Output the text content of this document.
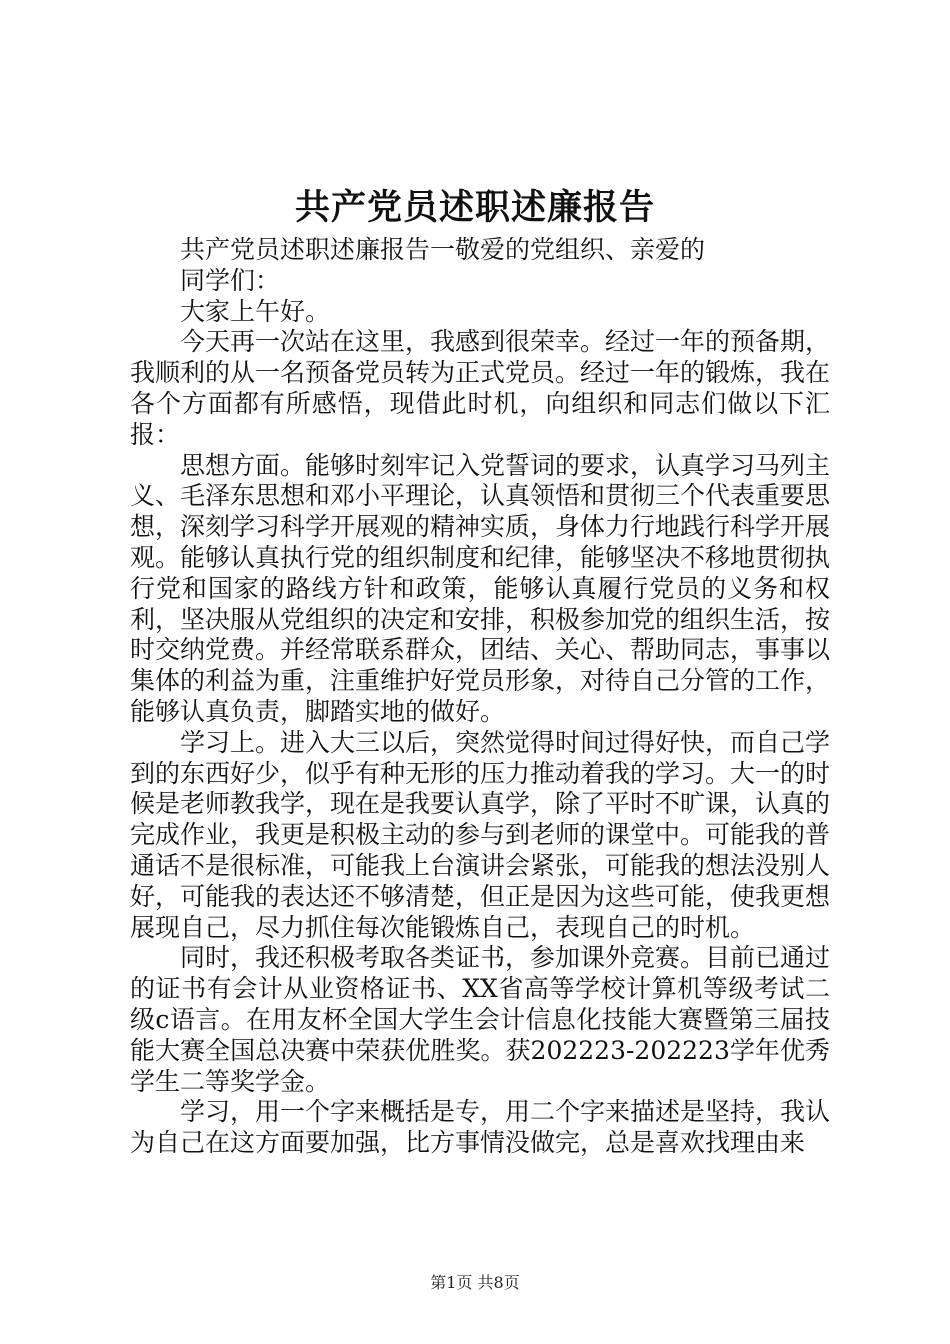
共产党员述职述廉报告

共产党员述职述廉报告一敬爱的党组织、亲爱的

同学们：

大家上午好。

今天再一次站在这里，我感到很荣幸。经过一年的预备期，我顺利的从一名预备党员转为正式党员。经过一年的锻炼，我在各个方面都有所感悟，现借此时机，向组织和同志们做以下汇报：

思想方面。能够时刻牢记入党誓词的要求，认真学习马列主义、毛泽东思想和邓小平理论，认真领悟和贯彻三个代表重要思想，深刻学习科学开展观的精神实质，身体力行地践行科学开展观。能够认真执行党的组织制度和纪律，能够坚决不移地贯彻执行党和国家的路线方针和政策，能够认真履行党员的义务和权利，坚决服从党组织的决定和安排，积极参加党的组织生活，按时交纳党费。并经常联系群众，团结、关心、帮助同志，事事以集体的利益为重，注重维护好党员形象，对待自己分管的工作，能够认真负责，脚踏实地的做好。

学习上。进入大三以后，突然觉得时间过得好快，而自己学到的东西好少，似乎有种无形的压力推动着我的学习。大一的时候是老师教我学，现在是我要认真学，除了平时不旷课，认真的完成作业，我更是积极主动的参与到老师的课堂中。可能我的普通话不是很标准，可能我上台演讲会紧张，可能我的想法没别人好，可能我的表达还不够清楚，但正是因为这些可能，使我更想展现自己，尽力抓住每次能锻炼自己，表现自己的时机。

同时，我还积极考取各类证书，参加课外竞赛。目前已通过的证书有会计从业资格证书、XX省高等学校计算机等级考试二级c语言。在用友杯全国大学生会计信息化技能大赛暨第三届技能大赛全国总决赛中荣获优胜奖。获202223-202223学年优秀学生二等奖学金。

学习，用一个字来概括是专，用二个字来描述是坚持，我认为自己在这方面要加强，比方事情没做完，总是喜欢找理由来

第1页 共8页
